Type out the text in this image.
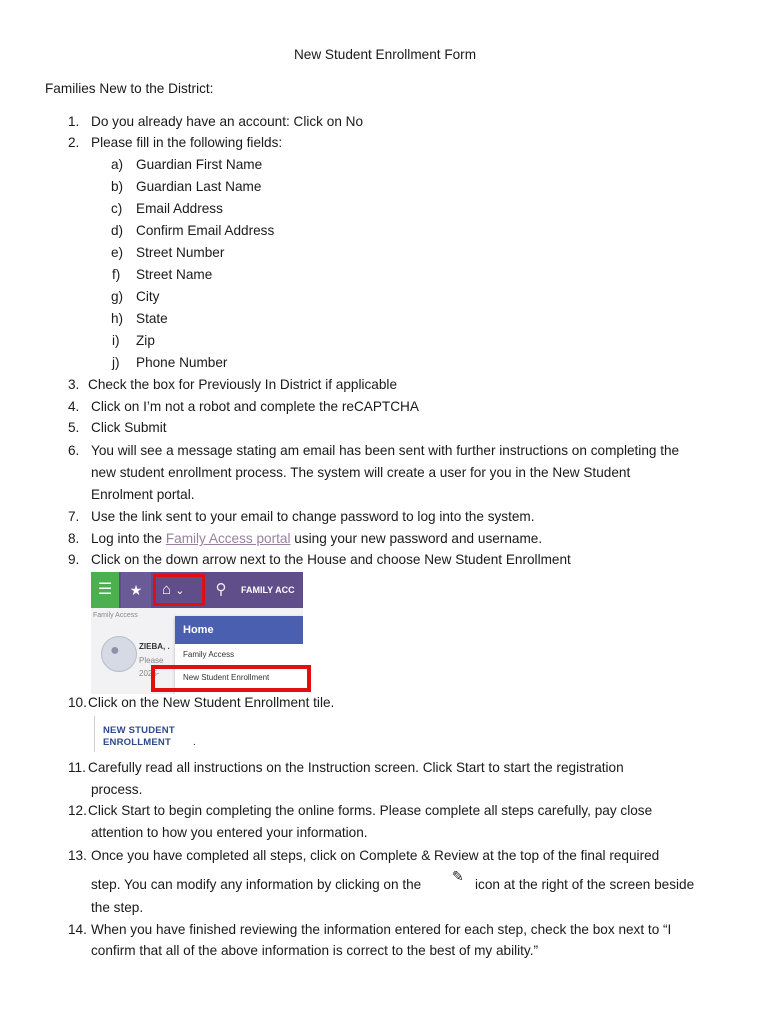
New Student Enrollment Form
Families New to the District:
1. Do you already have an account: Click on No
2. Please fill in the following fields:
a) Guardian First Name
b) Guardian Last Name
c) Email Address
d) Confirm Email Address
e) Street Number
f) Street Name
g) City
h) State
i) Zip
j) Phone Number
3. Check the box for Previously In District if applicable
4. Click on I’m not a robot and complete the reCAPTCHA
5. Click Submit
6. You will see a message stating am email has been sent with further instructions on completing the
new student enrollment process. The system will create a user for you in the New Student
Enrolment portal.
7. Use the link sent to your email to change password to log into the system.
8. Log into the Family Access portal using your new password and username.
9. Click on the down arrow next to the House and choose New Student Enrollment
☰	★	⌂ ⌄	⚲	FAMILY ACC
Family Access
● ZIEBA, .
Please
2025-
Home
Family Access
New Student Enrollment
10. Click on the New Student Enrollment tile.
NEW STUDENT
ENROLLMENT .
11. Carefully read all instructions on the Instruction screen. Click Start to start the registration
process.
12. Click Start to begin completing the online forms. Please complete all steps carefully, pay close
attention to how you entered your information.
13. Once you have completed all steps, click on Complete & Review at the top of the final required
step. You can modify any information by clicking on the
✎
icon at the right of the screen beside
the step.
14. When you have finished reviewing the information entered for each step, check the box next to “I
confirm that all of the above information is correct to the best of my ability.”
